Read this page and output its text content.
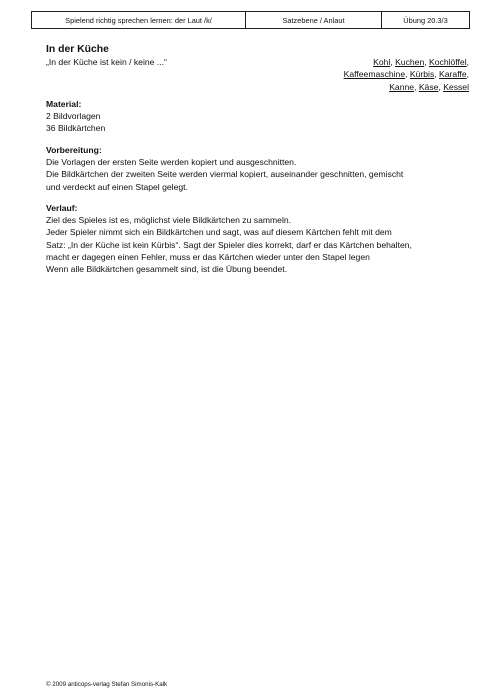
Spielend richtig sprechen lernen: der Laut /k/	Satzebene / Anlaut	Übung 20.3/3
In der Küche
„In der Küche ist kein / keine ...“	Kohl, Kuchen, Kochlöffel,
Kaffeemaschine, Kürbis, Karaffe,
Kanne, Käse, Kessel
Material:
2 Bildvorlagen
36 Bildkärtchen
Vorbereitung:
Die Vorlagen der ersten Seite werden kopiert und ausgeschnitten.
Die Bildkärtchen der zweiten Seite werden viermal kopiert, auseinander geschnitten, gemischt
und verdeckt auf einen Stapel gelegt.
Verlauf:
Ziel des Spieles ist es, möglichst viele Bildkärtchen zu sammeln.
Jeder Spieler nimmt sich ein Bildkärtchen und sagt, was auf diesem Kärtchen fehlt mit dem
Satz: „In der Küche ist kein Kürbis“. Sagt der Spieler dies korrekt, darf er das Kärtchen behalten,
macht er dagegen einen Fehler, muss er das Kärtchen wieder unter den Stapel legen
Wenn alle Bildkärtchen gesammelt sind, ist die Übung beendet.
© 2009 anticops-verlag Stefan Simonis-Kalk
